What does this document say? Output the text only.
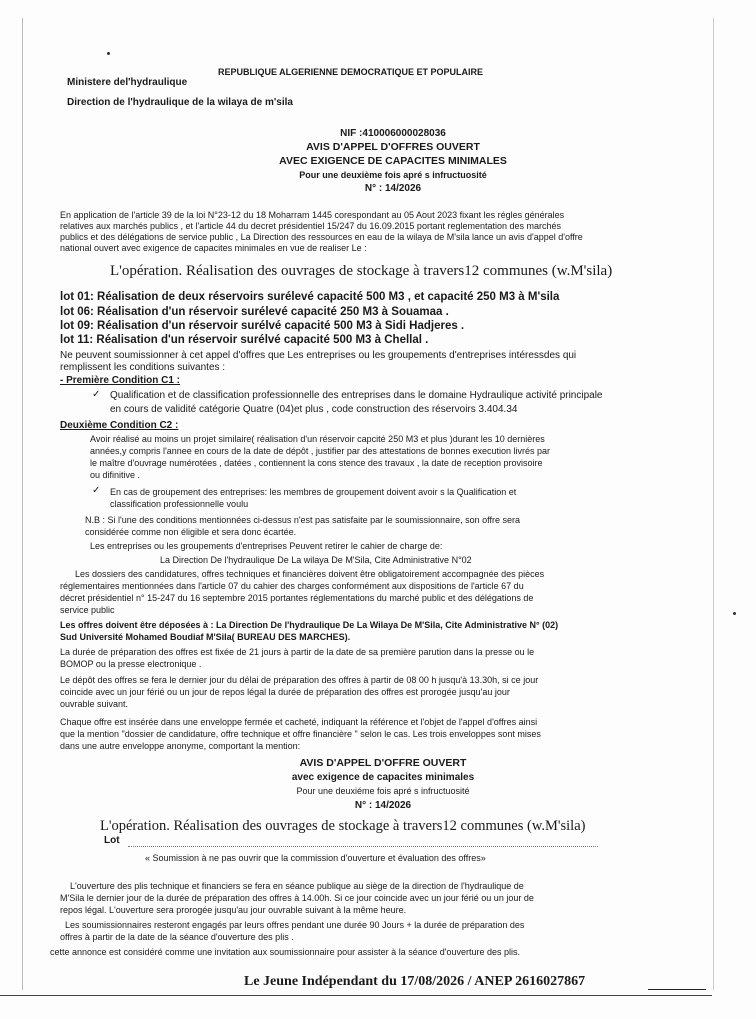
REPUBLIQUE ALGERIENNE DEMOCRATIQUE ET POPULAIRE
Ministere del'hydraulique
Direction de l'hydraulique de la wilaya de m'sila
NIF :410006000028036
AVIS D'APPEL D'OFFRES OUVERT
AVEC EXIGENCE DE CAPACITES MINIMALES
Pour une deuxième fois apré s infructuosité
N° : 14/2026
En application de l'article 39 de la loi N°23-12 du 18 Moharram 1445 corespondant au 05 Aout 2023 fixant les régles générales
relatives aux marchés publics , et l'article 44 du decret présidentiel 15/247 du 16.09.2015 portant reglementation des marchés
publics et des délégations de service public , La Direction des ressources en eau de la wilaya de M'sila lance un avis d'appel d'offre
national ouvert avec exigence de capacites minimales en vue de realiser Le :
L'opération. Réalisation des ouvrages de stockage à travers12 communes (w.M'sila)
lot 01: Réalisation de deux réservoirs surélevé capacité 500 M3 , et capacité 250 M3 à M'sila
lot 06: Réalisation d'un réservoir surélevé capacité 250 M3 à Souamaa .
lot 09: Réalisation d'un réservoir surélvé capacité 500 M3 à Sidi Hadjeres .
lot 11: Réalisation d'un réservoir surélvé capacité 500 M3 à Chellal .
Ne peuvent soumissionner à cet appel d'offres que Les entreprises ou les groupements d'entreprises intéressdes qui
remplissent les conditions suivantes :
- Première Condition C1 :
✓ Qualification et de classification professionnelle des entreprises dans le domaine Hydraulique activité principale
en cours de validité catégorie Quatre (04)et plus , code construction des réservoirs 3.404.34
Deuxième Condition C2 :
Avoir réalisé au moins un projet similaire( réalisation d'un réservoir capcité 250 M3 et plus )durant les 10 dernières
années,y compris l'annee en cours de la date de dépôt , justifier par des attestations de bonnes execution livrés par
le maître d'ouvrage numérotées , datées , contiennent la cons stence des travaux , la date de reception provisoire
ou difinitive .
✓ En cas de groupement des entreprises: les membres de groupement doivent avoir s la Qualification et
classification professionnelle voulu
N.B : Si l'une des conditions mentionnées ci-dessus n'est pas satisfaite par le soumissionnaire, son offre sera
considérée comme non éligible et sera donc écartée.
Les entreprises ou les groupements d'entreprises Peuvent retirer le cahier de charge de:
La Direction De l'hydraulique De La wilaya De M'Sila, Cite Administrative N°02
Les dossiers des candidatures, offres techniques et financières doivent être obligatoirement accompagnée des pièces
réglementaires mentionnées dans l'article 07 du cahier des charges conformément aux dispositions de l'article 67 du
décret présidentiel n° 15-247 du 16 septembre 2015 portantes réglementations du marché public et des délégations de
service public
Les offres doivent être déposées à : La Direction De l'hydraulique De La Wilaya De M'Sila, Cite Administrative N° (02)
Sud Université Mohamed Boudiaf M'Sila( BUREAU DES MARCHES).
La durée de préparation des offres est fixée de 21 jours à partir de la date de sa première parution dans la presse ou le
BOMOP ou la presse electronique .
Le dépôt des offres se fera le dernier jour du délai de préparation des offres à partir de 08 00 h jusqu'à 13.30h, si ce jour
coincide avec un jour férié ou un jour de repos légal la durée de préparation des offres est prorogée jusqu'au jour
ouvrable suivant.
Chaque offre est insérée dans une enveloppe fermée et cacheté, indiquant la référence et l'objet de l'appel d'offres ainsi
que la mention "dossier de candidature, offre technique et offre financière " selon le cas. Les trois enveloppes sont mises
dans une autre enveloppe anonyme, comportant la mention:
AVIS D'APPEL D'OFFRE OUVERT
avec exigence de capacites minimales
Pour une deuxiéme fois apré s infructuosité
N° : 14/2026
L'opération. Réalisation des ouvrages de stockage à travers12 communes (w.M'sila)
Lot
« Soumission à ne pas ouvrir que la commission d'ouverture et évaluation des offres»
L'ouverture des plis technique et financiers se fera en séance publique au siège de la direction de l'hydraulique de
M'Sila le dernier jour de la durée de préparation des offres à 14.00h. Si ce jour coincide avec un jour férié ou un jour de
repos légal. L'ouverture sera prorogée jusqu'au jour ouvrable suivant à la même heure.
Les soumissionnaires resteront engagés par leurs offres pendant une durée 90 Jours + la durée de préparation des
offres à partir de la date de la séance d'ouverture des plis .
cette annonce est considéré comme une invitation aux soumissionnaire pour assister à la séance d'ouverture des plis.
Le Jeune Indépendant du 17/08/2026 / ANEP 2616027867
